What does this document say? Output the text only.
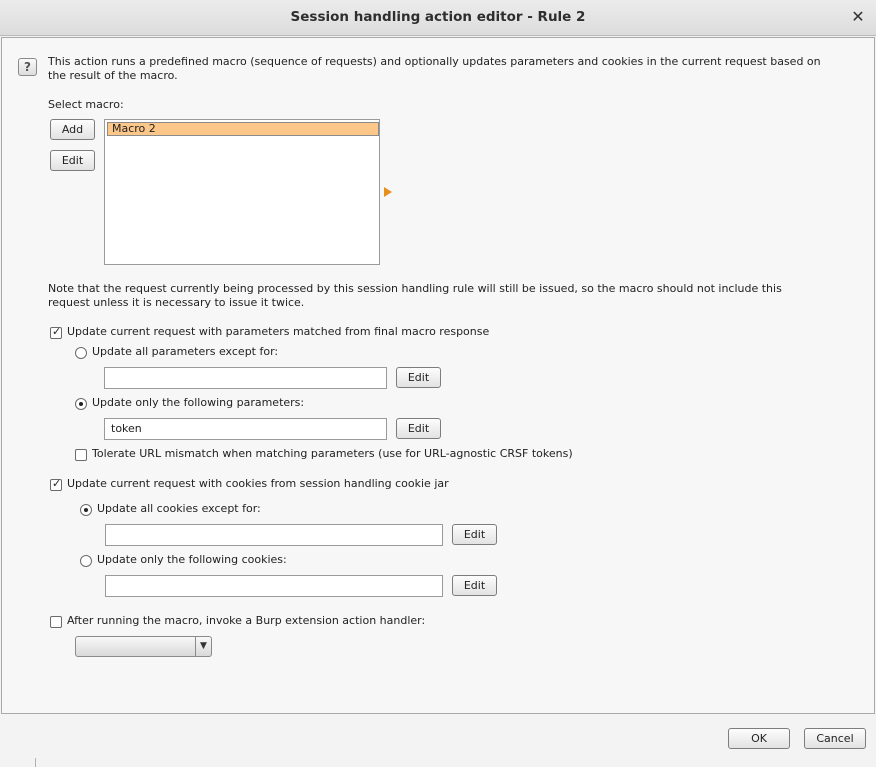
Session handling action editor - Rule 2	✕
?	This action runs a predefined macro (sequence of requests) and optionally updates parameters and cookies in the current request based on
the result of the macro.
Select macro:
Add
Edit
Macro 2
Note that the request currently being processed by this session handling rule will still be issued, so the macro should not include this
request unless it is necessary to issue it twice.
✓
Update current request with parameters matched from final macro response
Update all parameters except for:
Edit
Update only the following parameters:
token	Edit
Tolerate URL mismatch when matching parameters (use for URL-agnostic CRSF tokens)
✓
Update current request with cookies from session handling cookie jar
Update all cookies except for:
Edit
Update only the following cookies:
Edit
After running the macro, invoke a Burp extension action handler:
▼
OK	Cancel
